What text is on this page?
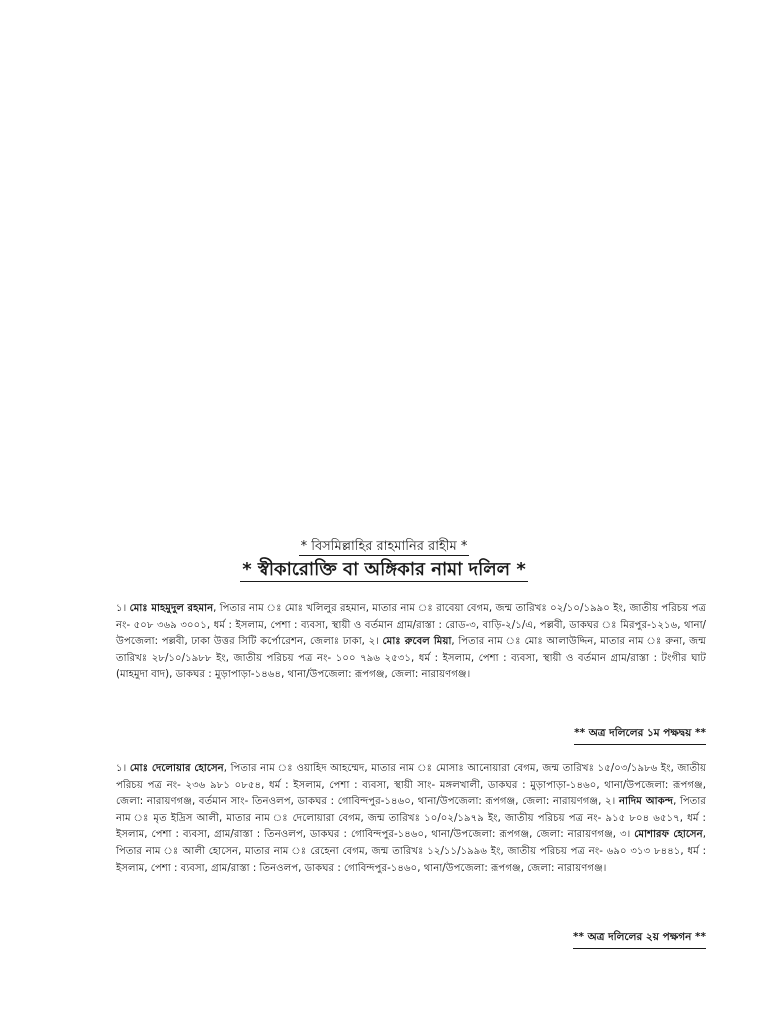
* বিসমিল্লাহির রাহমানির রাহীম *
* স্বীকারোক্তি বা অঙ্গিকার নামা দলিল *
১। মোঃ মাহমুদুল রহমান, পিতার নাম ঃ মোঃ খলিলুর রহমান, মাতার নাম ঃ রাবেয়া বেগম, জন্ম তারিখঃ ০২/১০/১৯৯০ ইং, জাতীয় পরিচয় পত্র নং- ৫০৮ ৩৬৯ ৩০০১, ধর্ম : ইসলাম, পেশা : ব্যবসা, স্থায়ী ও বর্তমান গ্রাম/রাস্তা : রোড-৩, বাড়ি-২/১/এ, পল্লবী, ডাকঘর ঃ মিরপুর-১২১৬, থানা/উপজেলা: পল্লবী, ঢাকা উত্তর সিটি কর্পোরেশন, জেলাঃ ঢাকা, ২। মোঃ রুবেল মিয়া, পিতার নাম ঃ মোঃ আলাউদ্দিন, মাতার নাম ঃ রুনা, জন্ম তারিখঃ ২৮/১০/১৯৮৮ ইং, জাতীয় পরিচয় পত্র নং- ১০০ ৭৯৬ ২৫৩১, ধর্ম : ইসলাম, পেশা : ব্যবসা, স্থায়ী ও বর্তমান গ্রাম/রাস্তা : টংগীর ঘাট (মাহমুদা বাদ), ডাকঘর : মুড়াপাড়া-১৪৬৪, থানা/উপজেলা: রূপগঞ্জ, জেলা: নারায়ণগঞ্জ।
** অত্র দলিলের ১ম পক্ষদ্বয় **
১। মোঃ দেলোয়ার হোসেন, পিতার নাম ঃ ওয়াহিদ আহম্মেদ, মাতার নাম ঃ মোসাঃ আনোয়ারা বেগম, জন্ম তারিখঃ ১৫/০৩/১৯৮৬ ইং, জাতীয় পরিচয় পত্র নং- ২৩৬ ৯৮১ ০৮৫৪, ধর্ম : ইসলাম, পেশা : ব্যবসা, স্থায়ী সাং- মঙ্গলখালী, ডাকঘর : মুড়াপাড়া-১৪৬০, থানা/উপজেলা: রূপগঞ্জ, জেলা: নারায়ণগঞ্জ, বর্তমান সাং- তিনওলপ, ডাকঘর : গোবিন্দপুর-১৪৬০, থানা/উপজেলা: রূপগঞ্জ, জেলা: নারায়ণগঞ্জ, ২। নাদিম আকন্দ, পিতার নাম ঃ মৃত ইদ্রিস আলী, মাতার নাম ঃ দেলোয়ারা বেগম, জন্ম তারিখঃ ১০/০২/১৯৭৯ ইং, জাতীয় পরিচয় পত্র নং- ৯১৫ ৮০৪ ৬৫১৭, ধর্ম : ইসলাম, পেশা : ব্যবসা, গ্রাম/রাস্তা : তিনওলপ, ডাকঘর : গোবিন্দপুর-১৪৬০, থানা/উপজেলা: রূপগঞ্জ, জেলা: নারায়ণগঞ্জ, ৩। মোশারফ হোসেন, পিতার নাম ঃ আলী হোসেন, মাতার নাম ঃ রেহেনা বেগম, জন্ম তারিখঃ ১২/১১/১৯৯৬ ইং, জাতীয় পরিচয় পত্র নং- ৬৯০ ৩১৩ ৮৪৪১, ধর্ম : ইসলাম, পেশা : ব্যবসা, গ্রাম/রাস্তা : তিনওলপ, ডাকঘর : গোবিন্দপুর-১৪৬০, থানা/উপজেলা: রূপগঞ্জ, জেলা: নারায়ণগঞ্জ।
** অত্র দলিলের ২য় পক্ষগন **
